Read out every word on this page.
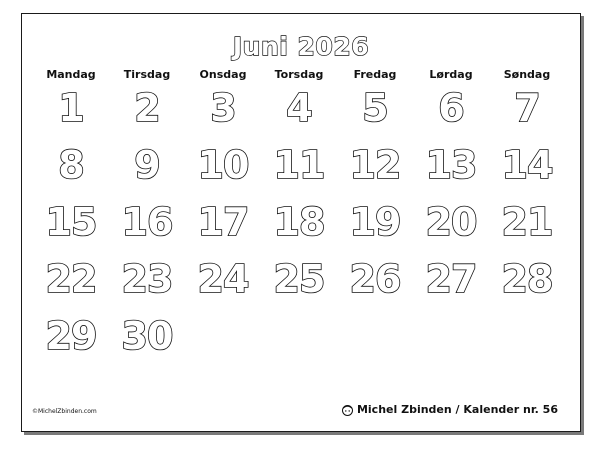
Juni 2026
Mandag	Tirsdag	Onsdag	Torsdag	Fredag	Lørdag	Søndag
1	2	3	4	5	6	7
8	9 10 11 12 13 14
15 16 17 18 19 20 21
22 23 24 25 26 27 28
29 30
©MichelZbinden.com	Michel Zbinden / Kalender nr. 56
